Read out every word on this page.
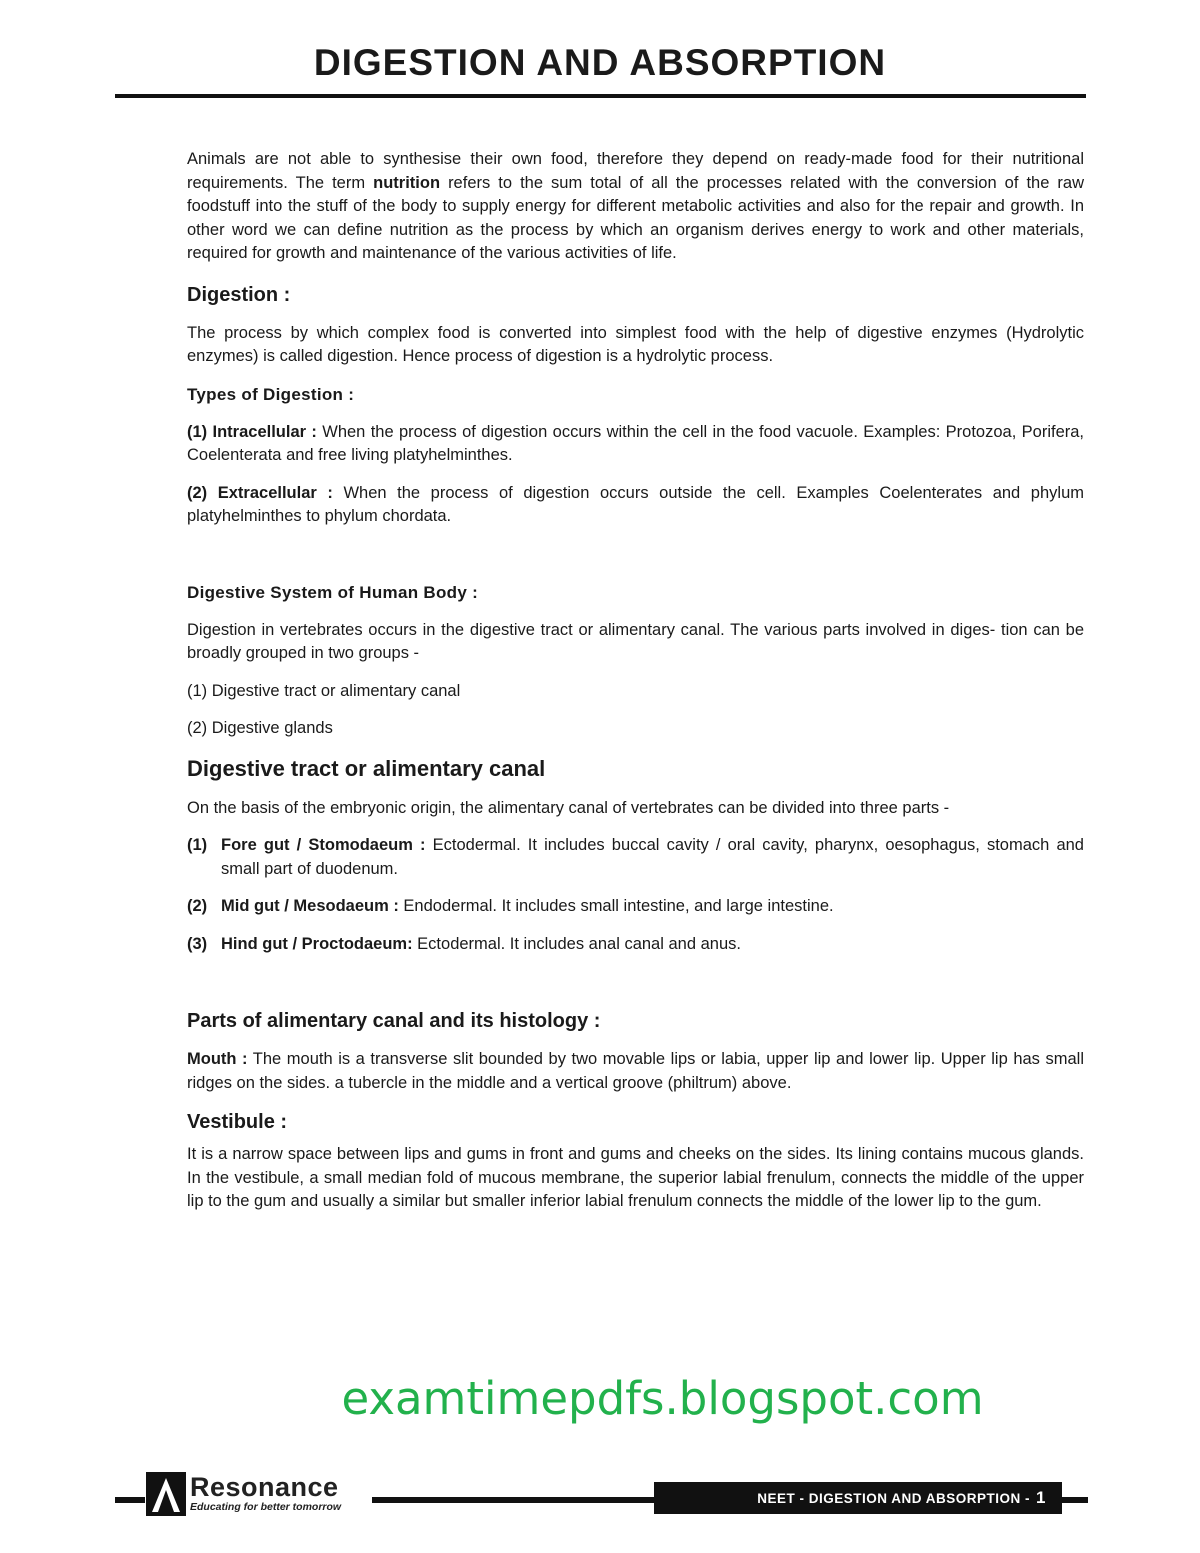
DIGESTION AND ABSORPTION

Animals are not able to synthesise their own food, therefore they depend on ready-made food for their nutritional requirements. The term nutrition refers to the sum total of all the processes related with the conversion of the raw foodstuff into the stuff of the body to supply energy for different metabolic activities and also for the repair and growth. In other word we can define nutrition as the process by which an organism derives energy to work and other materials, required for growth and maintenance of the various activities of life.

Digestion :

The process by which complex food is converted into simplest food with the help of digestive enzymes (Hydrolytic enzymes) is called digestion. Hence process of digestion is a hydrolytic process.

Types of Digestion :

(1) Intracellular : When the process of digestion occurs within the cell in the food vacuole. Examples: Protozoa, Porifera, Coelenterata and free living platyhelminthes.

(2) Extracellular : When the process of digestion occurs outside the cell. Examples Coelenterates and phylum platyhelminthes to phylum chordata.

Digestive System of Human Body :

Digestion in vertebrates occurs in the digestive tract or alimentary canal. The various parts involved in diges- tion can be broadly grouped in two groups -

(1) Digestive tract or alimentary canal

(2) Digestive glands

Digestive tract or alimentary canal

On the basis of the embryonic origin, the alimentary canal of vertebrates can be divided into three parts -

(1) Fore gut / Stomodaeum : Ectodermal. It includes buccal cavity / oral cavity, pharynx, oesophagus, stomach and small part of duodenum.
(2) Mid gut / Mesodaeum : Endodermal. It includes small intestine, and large intestine.
(3) Hind gut / Proctodaeum: Ectodermal. It includes anal canal and anus.
Parts of alimentary canal and its histology :

Mouth : The mouth is a transverse slit bounded by two movable lips or labia, upper lip and lower lip. Upper lip has small ridges on the sides. a tubercle in the middle and a vertical groove (philtrum) above.

Vestibule :

It is a narrow space between lips and gums in front and gums and cheeks on the sides. Its lining contains mucous glands. In the vestibule, a small median fold of mucous membrane, the superior labial frenulum, connects the middle of the upper lip to the gum and usually a similar but smaller inferior labial frenulum connects the middle of the lower lip to the gum.

examtimepdfs.blogspot.com
Resonance
Educating for better tomorrow
NEET - DIGESTION AND ABSORPTION - 1
